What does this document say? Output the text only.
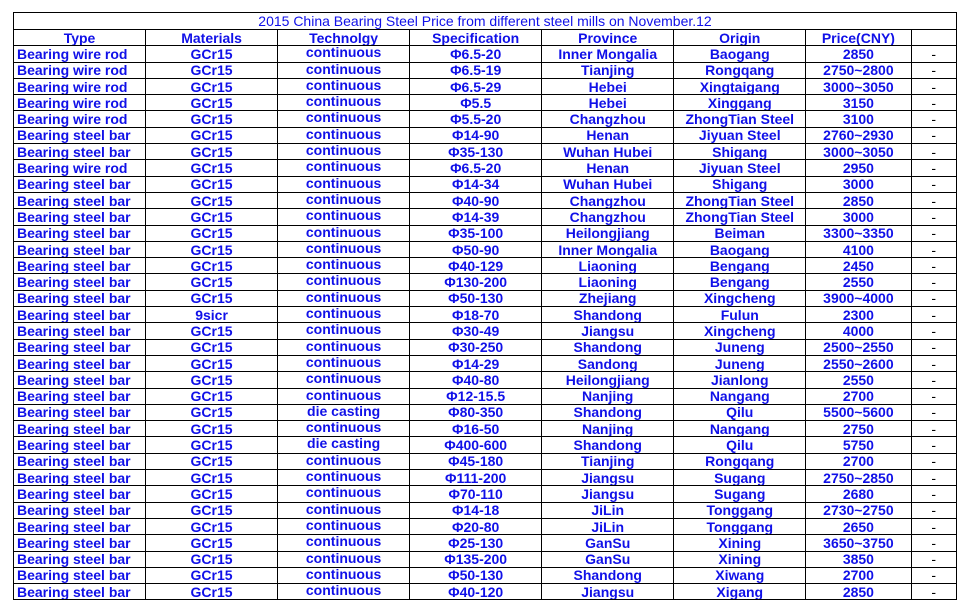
2015 China Bearing Steel Price from different steel mills on November.12							
Type	Materials	Technolgy	Specification	Province	Origin	Price(CNY)	
Bearing wire rod	GCr15	continuous	Φ6.5-20	Inner Mongalia	Baogang	2850	-
Bearing wire rod	GCr15	continuous	Φ6.5-19	Tianjing	Rongqang	2750~2800	-
Bearing wire rod	GCr15	continuous	Φ6.5-29	Hebei	Xingtaigang	3000~3050	-
Bearing wire rod	GCr15	continuous	Φ5.5	Hebei	Xinggang	3150	-
Bearing wire rod	GCr15	continuous	Φ5.5-20	Changzhou	ZhongTian Steel	3100	-
Bearing steel bar	GCr15	continuous	Φ14-90	Henan	Jiyuan Steel	2760~2930	-
Bearing steel bar	GCr15	continuous	Φ35-130	Wuhan Hubei	Shigang	3000~3050	-
Bearing wire rod	GCr15	continuous	Φ6.5-20	Henan	Jiyuan Steel	2950	-
Bearing steel bar	GCr15	continuous	Φ14-34	Wuhan Hubei	Shigang	3000	-
Bearing steel bar	GCr15	continuous	Φ40-90	Changzhou	ZhongTian Steel	2850	-
Bearing steel bar	GCr15	continuous	Φ14-39	Changzhou	ZhongTian Steel	3000	-
Bearing steel bar	GCr15	continuous	Φ35-100	Heilongjiang	Beiman	3300~3350	-
Bearing steel bar	GCr15	continuous	Φ50-90	Inner Mongalia	Baogang	4100	-
Bearing steel bar	GCr15	continuous	Φ40-129	Liaoning	Bengang	2450	-
Bearing steel bar	GCr15	continuous	Φ130-200	Liaoning	Bengang	2550	-
Bearing steel bar	GCr15	continuous	Φ50-130	Zhejiang	Xingcheng	3900~4000	-
Bearing steel bar	9sicr	continuous	Φ18-70	Shandong	Fulun	2300	-
Bearing steel bar	GCr15	continuous	Φ30-49	Jiangsu	Xingcheng	4000	-
Bearing steel bar	GCr15	continuous	Φ30-250	Shandong	Juneng	2500~2550	-
Bearing steel bar	GCr15	continuous	Φ14-29	Sandong	Juneng	2550~2600	-
Bearing steel bar	GCr15	continuous	Φ40-80	Heilongjiang	Jianlong	2550	-
Bearing steel bar	GCr15	continuous	Φ12-15.5	Nanjing	Nangang	2700	-
Bearing steel bar	GCr15	die casting	Φ80-350	Shandong	Qilu	5500~5600	-
Bearing steel bar	GCr15	continuous	Φ16-50	Nanjing	Nangang	2750	-
Bearing steel bar	GCr15	die casting	Φ400-600	Shandong	Qilu	5750	-
Bearing steel bar	GCr15	continuous	Φ45-180	Tianjing	Rongqang	2700	-
Bearing steel bar	GCr15	continuous	Φ111-200	Jiangsu	Sugang	2750~2850	-
Bearing steel bar	GCr15	continuous	Φ70-110	Jiangsu	Sugang	2680	-
Bearing steel bar	GCr15	continuous	Φ14-18	JiLin	Tonggang	2730~2750	-
Bearing steel bar	GCr15	continuous	Φ20-80	JiLin	Tonggang	2650	-
Bearing steel bar	GCr15	continuous	Φ25-130	GanSu	Xining	3650~3750	-
Bearing steel bar	GCr15	continuous	Φ135-200	GanSu	Xining	3850	-
Bearing steel bar	GCr15	continuous	Φ50-130	Shandong	Xiwang	2700	-
Bearing steel bar	GCr15	continuous	Φ40-120	Jiangsu	Xigang	2850	-
